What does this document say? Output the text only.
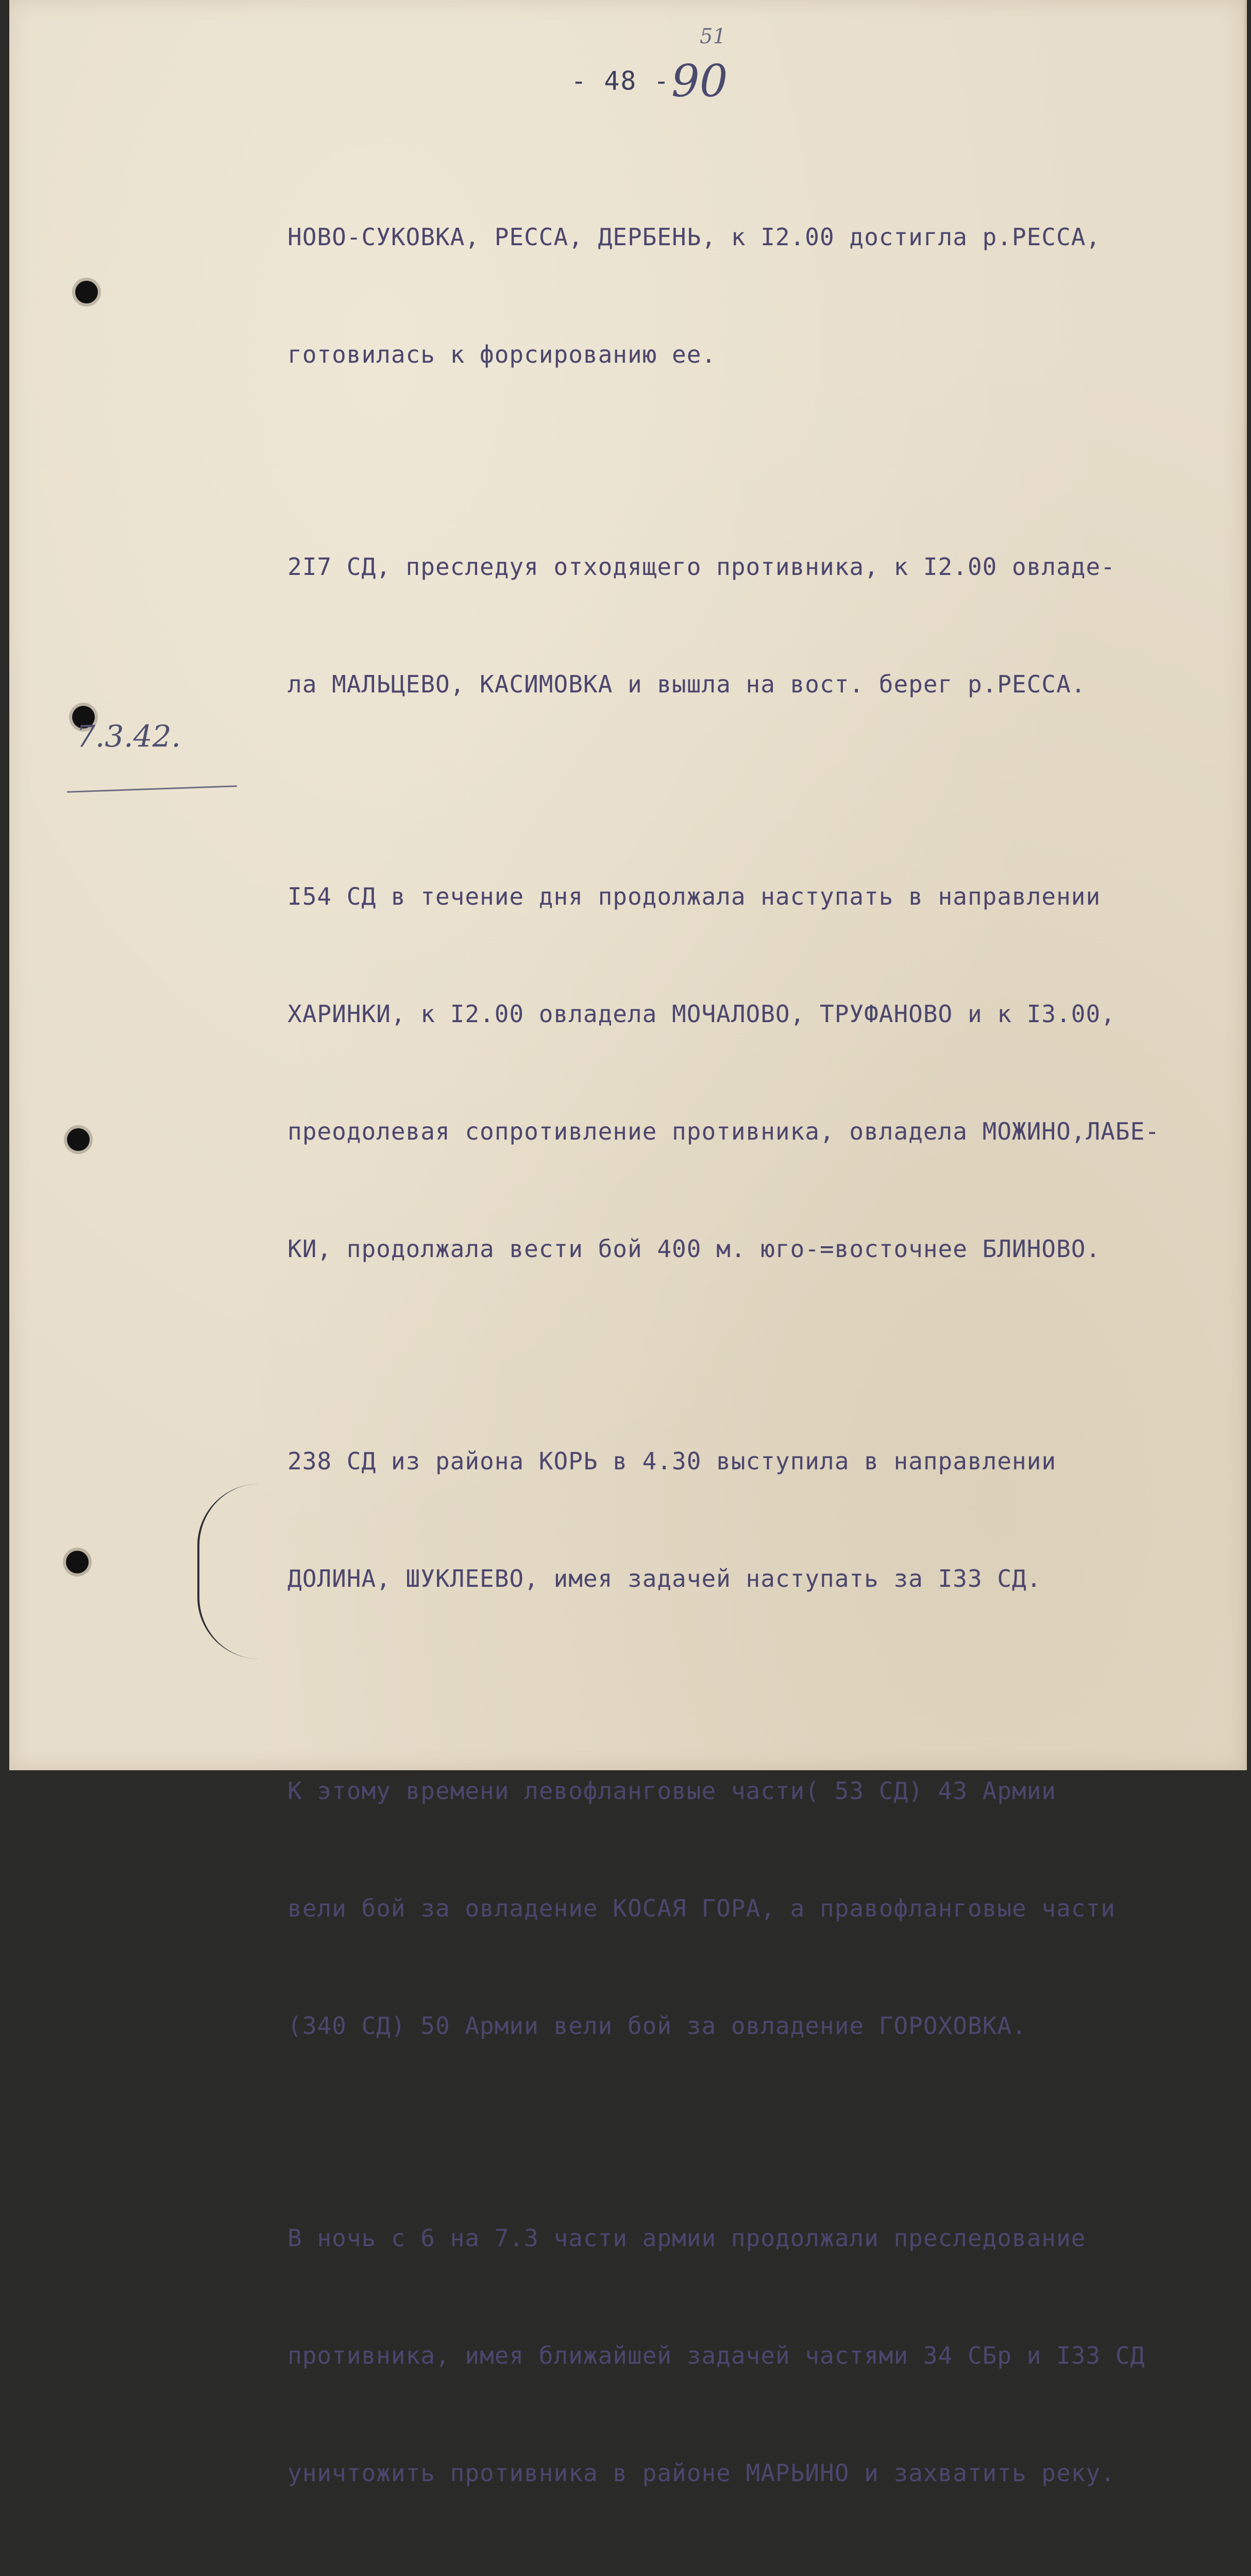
- 48 - 90
51
7.3.42.

НОВО-СУКОВКА, РЕССА, ДЕРБЕНЬ, к I2.00 достигла р.РЕССА,

готовилась к форсированию ее.

2I7 СД, преследуя отходящего противника, к I2.00 овладе-

ла МАЛЬЦЕВО, КАСИМОВКА и вышла на вост. берег р.РЕССА.

I54 СД в течение дня продолжала наступать в направлении

ХАРИНКИ, к I2.00 овладела МОЧАЛОВО, ТРУФАНОВО и к I3.00,

преодолевая сопротивление противника, овладела МОЖИНО,ЛАБЕ-

КИ, продолжала вести бой 400 м. юго-=восточнее БЛИНОВО.

238 СД из района КОРЬ в 4.30 выступила в направлении

ДОЛИНА, ШУКЛЕЕВО, имея задачей наступать за I33 СД.

К этому времени левофланговые части( 53 СД) 43 Армии

вели бой за овладение КОСАЯ ГОРА, а правофланговые части

(340 СД) 50 Армии вели бой за овладение ГОРОХОВКА.

В ночь с 6 на 7.3 части армии продолжали преследование

противника, имея ближайшей задачей частями 34 СБр и I33 СД

уничтожить противника в районе МАРЬИНО и захватить реку.
